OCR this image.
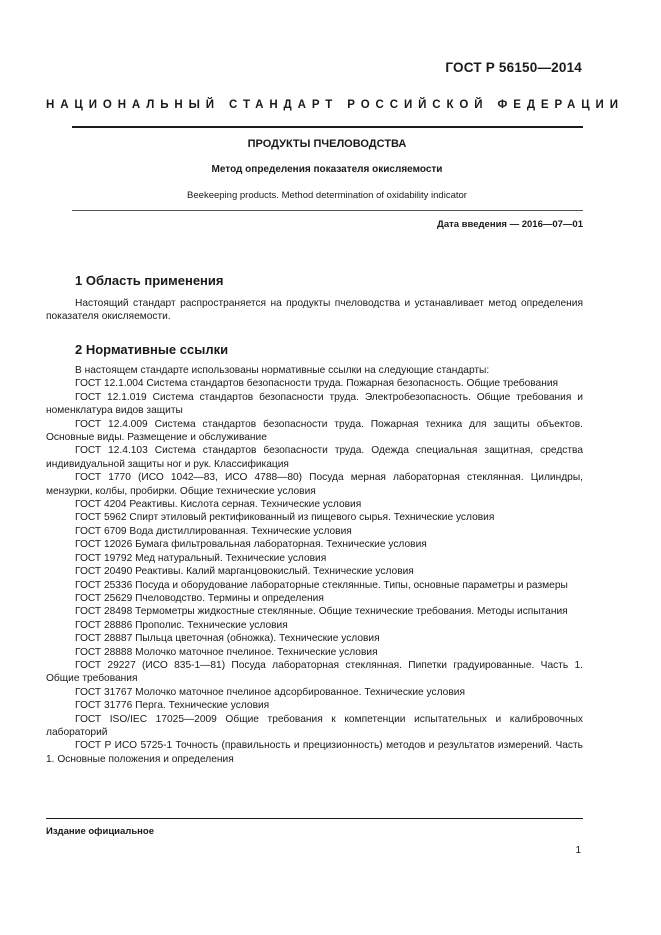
ГОСТ Р 56150—2014
НАЦИОНАЛЬНЫЙ СТАНДАРТ РОССИЙСКОЙ ФЕДЕРАЦИИ
ПРОДУКТЫ ПЧЕЛОВОДСТВА
Метод определения показателя окисляемости
Beekeeping products. Method determination of oxidability indicator
Дата введения — 2016—07—01
1 Область применения

Настоящий стандарт распространяется на продукты пчеловодства и устанавливает метод определения показателя окисляемости.

2 Нормативные ссылки

В настоящем стандарте использованы нормативные ссылки на следующие стандарты:

ГОСТ 12.1.004 Система стандартов безопасности труда. Пожарная безопасность. Общие требования

ГОСТ 12.1.019 Система стандартов безопасности труда. Электробезопасность. Общие требования и номенклатура видов защиты

ГОСТ 12.4.009 Система стандартов безопасности труда. Пожарная техника для защиты объектов. Основные виды. Размещение и обслуживание

ГОСТ 12.4.103 Система стандартов безопасности труда. Одежда специальная защитная, средства индивидуальной защиты ног и рук. Классификация

ГОСТ 1770 (ИСО 1042—83, ИСО 4788—80) Посуда мерная лабораторная стеклянная. Цилиндры, мензурки, колбы, пробирки. Общие технические условия

ГОСТ 4204 Реактивы. Кислота серная. Технические условия

ГОСТ 5962 Спирт этиловый ректификованный из пищевого сырья. Технические условия

ГОСТ 6709 Вода дистиллированная. Технические условия

ГОСТ 12026 Бумага фильтровальная лабораторная. Технические условия

ГОСТ 19792 Мед натуральный. Технические условия

ГОСТ 20490 Реактивы. Калий марганцовокислый. Технические условия

ГОСТ 25336 Посуда и оборудование лабораторные стеклянные. Типы, основные параметры и размеры

ГОСТ 25629 Пчеловодство. Термины и определения

ГОСТ 28498 Термометры жидкостные стеклянные. Общие технические требования. Методы испытания

ГОСТ 28886 Прополис. Технические условия

ГОСТ 28887 Пыльца цветочная (обножка). Технические условия

ГОСТ 28888 Молочко маточное пчелиное. Технические условия

ГОСТ 29227 (ИСО 835-1—81) Посуда лабораторная стеклянная. Пипетки градуированные. Часть 1. Общие требования

ГОСТ 31767 Молочко маточное пчелиное адсорбированное. Технические условия

ГОСТ 31776 Перга. Технические условия

ГОСТ ISO/IEC 17025—2009 Общие требования к компетенции испытательных и калибровочных лабораторий

ГОСТ Р ИСО 5725-1 Точность (правильность и прецизионность) методов и результатов измерений. Часть 1. Основные положения и определения

Издание официальное
1
